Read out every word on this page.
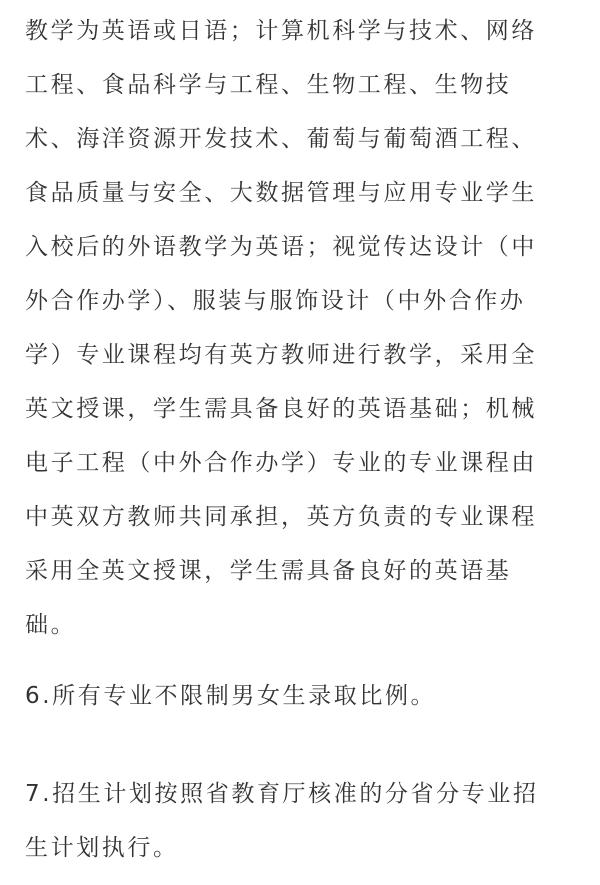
教学为英语或日语；计算机科学与技术、网络
工程、食品科学与工程、生物工程、生物技
术、海洋资源开发技术、葡萄与葡萄酒工程、
食品质量与安全、大数据管理与应用专业学生
入校后的外语教学为英语；视觉传达设计（中
外合作办学）、服装与服饰设计（中外合作办
学）专业课程均有英方教师进行教学，采用全
英文授课，学生需具备良好的英语基础；机械
电子工程（中外合作办学）专业的专业课程由
中英双方教师共同承担，英方负责的专业课程
采用全英文授课，学生需具备良好的英语基
础。
6.所有专业不限制男女生录取比例。
7.招生计划按照省教育厅核准的分省分专业招
生计划执行。
